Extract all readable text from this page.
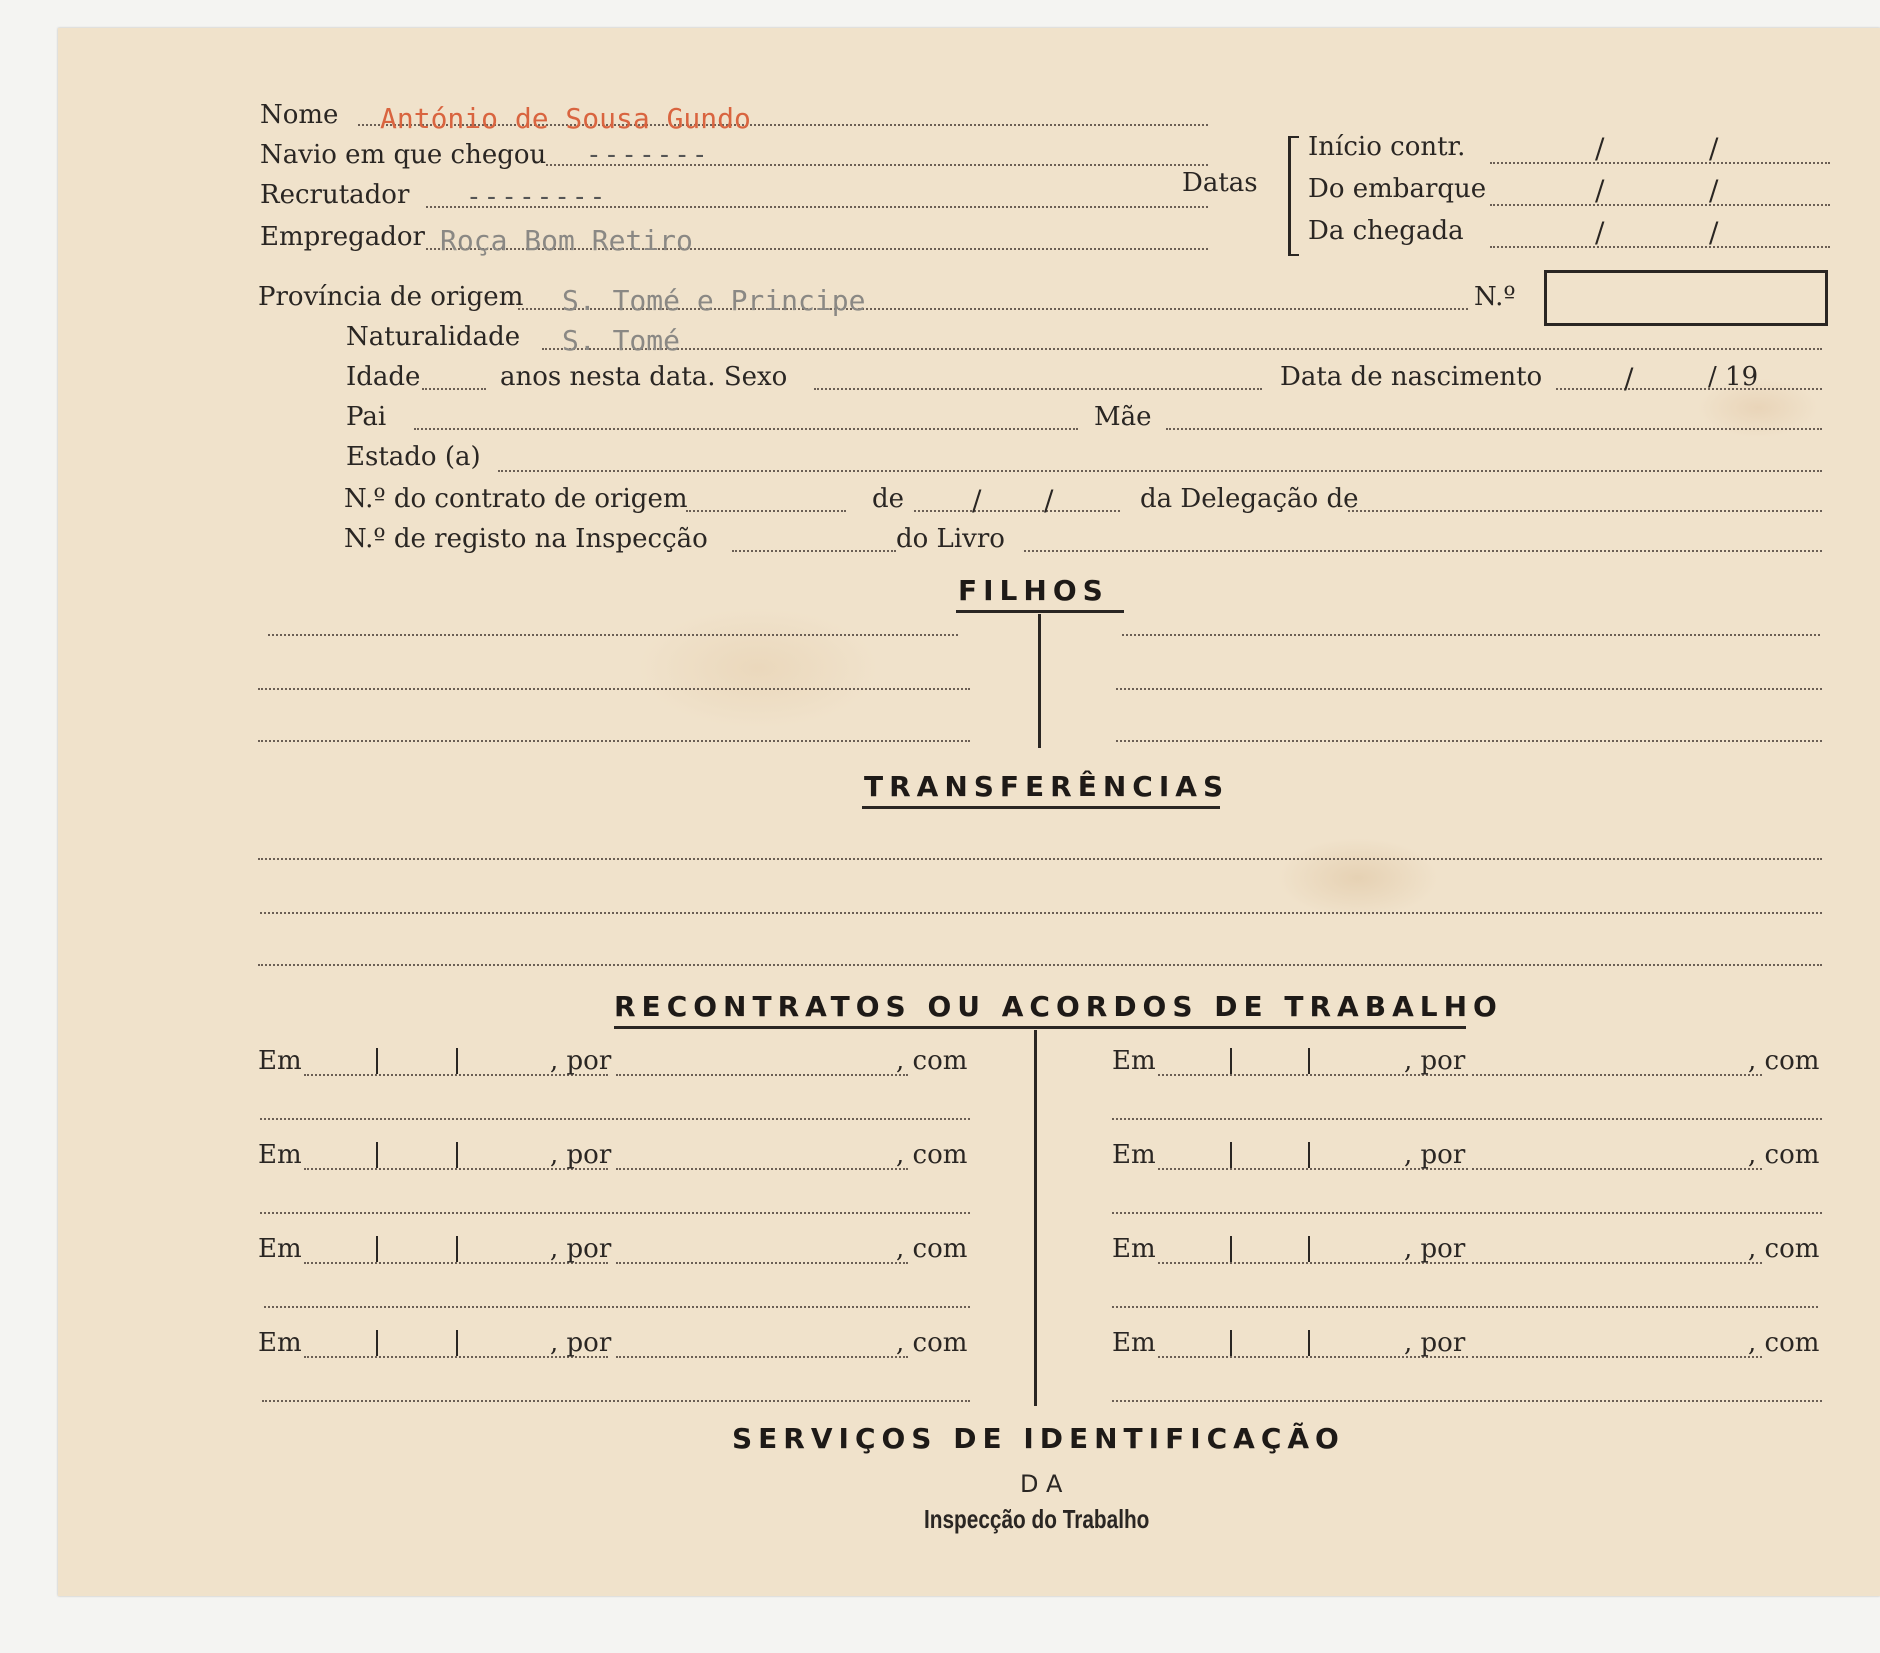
Nome António de Sousa Gundo
Navio em que chegou -------
Recrutador --------
Empregador Roça Bom Retiro
Datas
Início contr.	/	/
Do embarque	/	/
Da chegada	/	/
Província de origem S. Tomé e Principe	N.º
Naturalidade S. Tomé
Idade	anos nesta data. Sexo	Data de nascimento	/	/ 19
Pai	Mãe
Estado (a)
N.º do contrato de origem	de / /	da Delegação de
N.º de registo na Inspecção	do Livro
FILHOS
TRANSFERÊNCIAS
RECONTRATOS OU ACORDOS DE TRABALHO
Em	, por	, com
Em	, por	, com
Em	, por	, com
Em	, por	, com
Em	, por	, com
Em	, por	, com
Em	, por	, com
Em	, por	, com
SERVIÇOS DE IDENTIFICAÇÃO
DA
Inspecção do Trabalho
